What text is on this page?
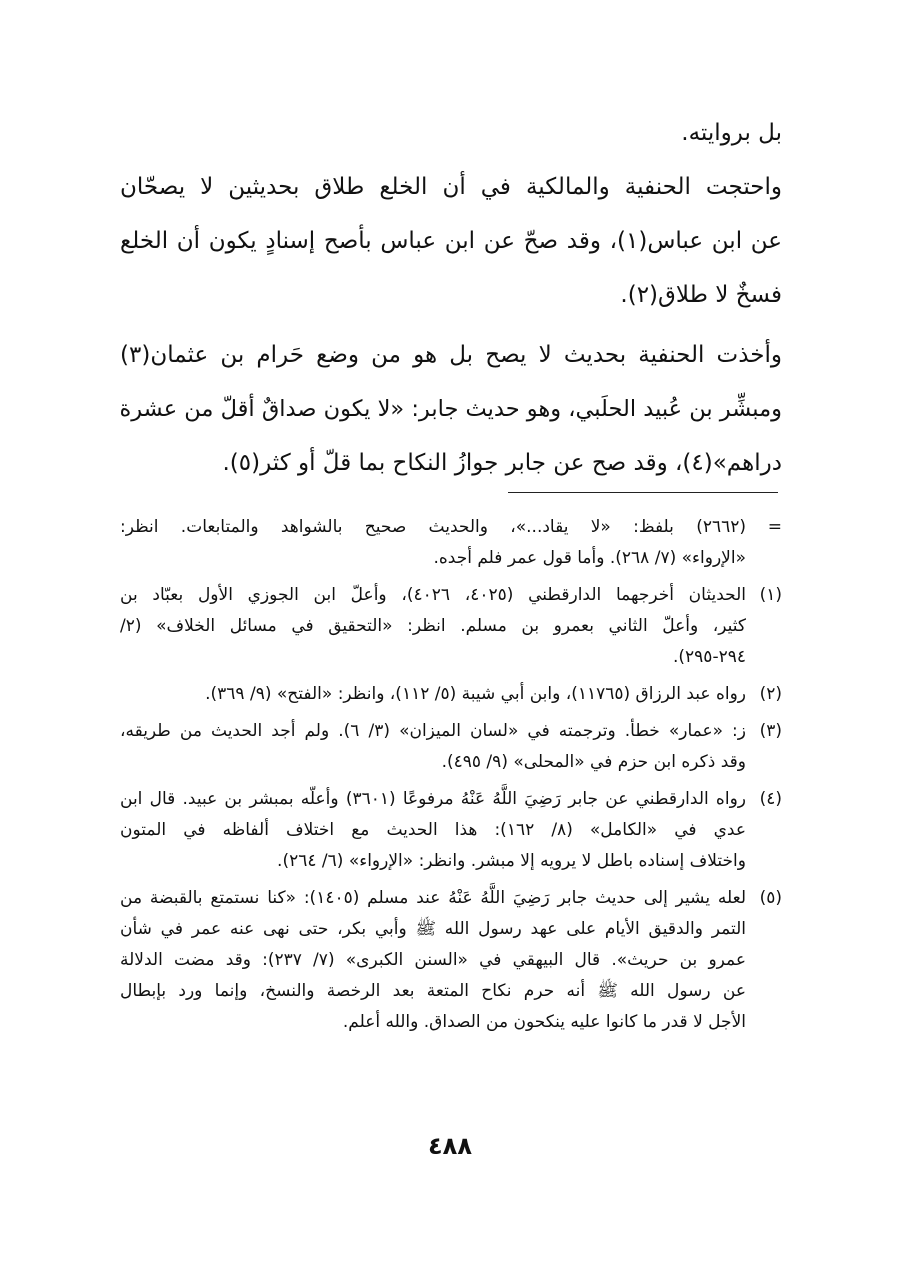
بل بروايته.

واحتجت الحنفية والمالكية في أن الخلع طلاق بحديثين لا يصحّان

عن ابن عباس(١)، وقد صحّ عن ابن عباس بأصح إسنادٍ يكون أن الخلع

فسخٌ لا طلاق(٢).

وأخذت الحنفية بحديث لا يصح بل هو من وضع حَرام بن عثمان(٣)

ومبشِّر بن عُبيد الحلَبي، وهو حديث جابر: «لا يكون صداقٌ أقلّ من عشرة

دراهم»(٤)، وقد صح عن جابر جوازُ النكاح بما قلّ أو كثر(٥).

=
(٢٦٦٢) بلفظ: «لا يقاد...»، والحديث صحيح بالشواهد والمتابعات. انظر:
«الإرواء» (٧/ ٢٦٨). وأما قول عمر فلم أجده.
(١)
الحديثان أخرجهما الدارقطني (٤٠٢٥، ٤٠٢٦)، وأعلّ ابن الجوزي الأول بعبّاد بن
كثير، وأعلّ الثاني بعمرو بن مسلم. انظر: «التحقيق في مسائل الخلاف» (٢/
٢٩٤-٢٩٥).
(٢)
رواه عبد الرزاق (١١٧٦٥)، وابن أبي شيبة (٥/ ١١٢)، وانظر: «الفتح» (٩/ ٣٦٩).
(٣)
ز: «عمار» خطأ. وترجمته في «لسان الميزان» (٣/ ٦). ولم أجد الحديث من طريقه،
وقد ذكره ابن حزم في «المحلى» (٩/ ٤٩٥).
(٤)
رواه الدارقطني عن جابر رَضِيَ اللَّهُ عَنْهُ مرفوعًا (٣٦٠١) وأعلّه بمبشر بن عبيد. قال ابن
عدي في «الكامل» (٨/ ١٦٢): هذا الحديث مع اختلاف ألفاظه في المتون
واختلاف إسناده باطل لا يرويه إلا مبشر. وانظر: «الإرواء» (٦/ ٢٦٤).
(٥)
لعله يشير إلى حديث جابر رَضِيَ اللَّهُ عَنْهُ عند مسلم (١٤٠٥): «كنا نستمتع بالقبضة من
التمر والدقيق الأيام على عهد رسول الله ﷺ وأبي بكر، حتى نهى عنه عمر في شأن
عمرو بن حريث». قال البيهقي في «السنن الكبرى» (٧/ ٢٣٧): وقد مضت الدلالة
عن رسول الله ﷺ أنه حرم نكاح المتعة بعد الرخصة والنسخ، وإنما ورد بإبطال
الأجل لا قدر ما كانوا عليه ينكحون من الصداق. والله أعلم.
٤٨٨
